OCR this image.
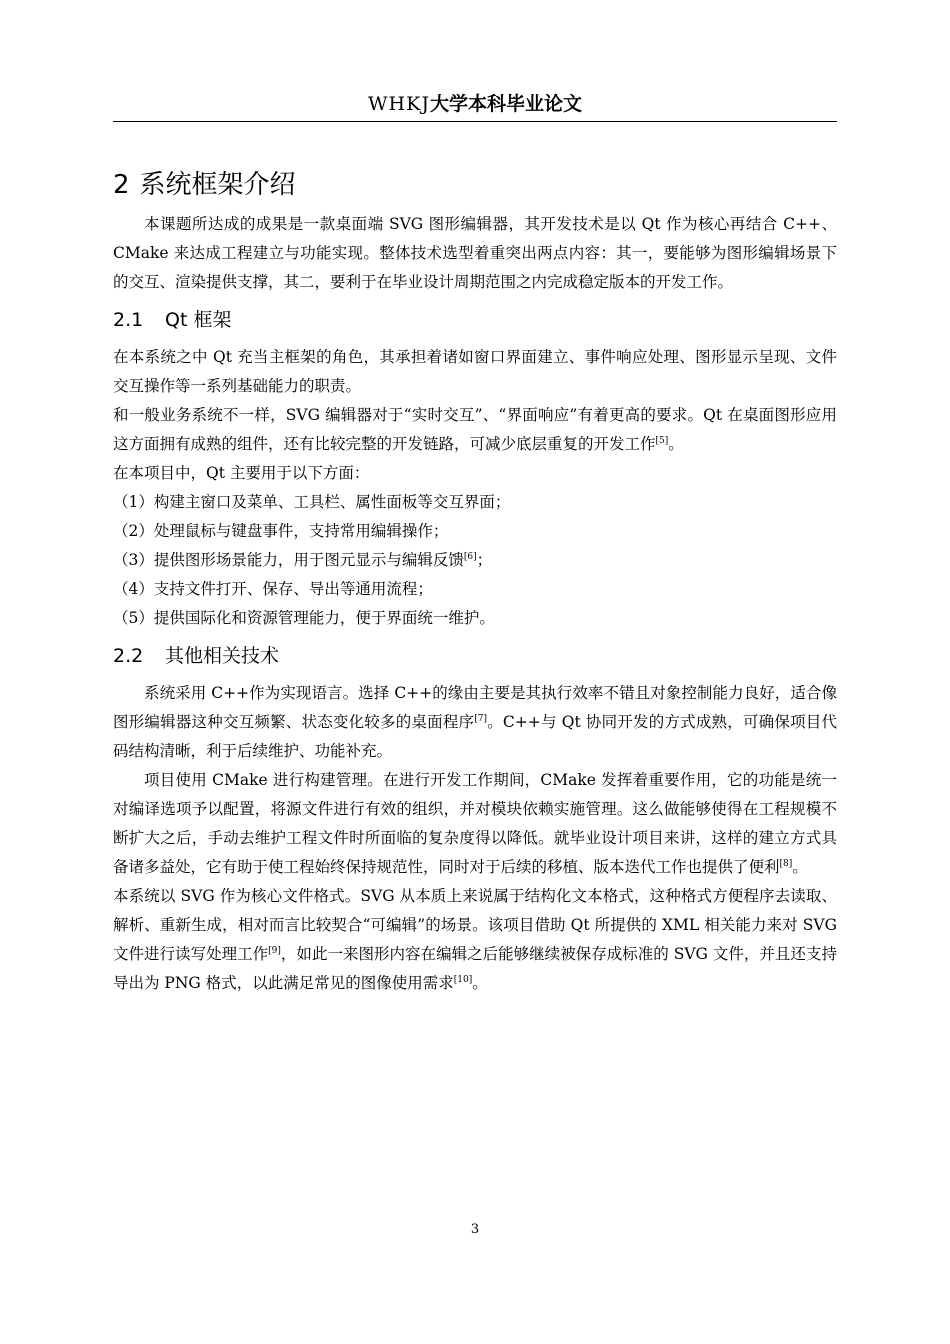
WHKJ大学本科毕业论文
2 系统框架介绍

本课题所达成的成果是一款桌面端 SVG 图形编辑器，其开发技术是以 Qt 作为核心再结合 C++、CMake 来达成工程建立与功能实现。整体技术选型着重突出两点内容：其一，要能够为图形编辑场景下的交互、渲染提供支撑，其二，要利于在毕业设计周期范围之内完成稳定版本的开发工作。

2.1 Qt 框架

在本系统之中 Qt 充当主框架的角色，其承担着诸如窗口界面建立、事件响应处理、图形显示呈现、文件交互操作等一系列基础能力的职责。

和一般业务系统不一样，SVG 编辑器对于“实时交互”、“界面响应”有着更高的要求。Qt 在桌面图形应用这方面拥有成熟的组件，还有比较完整的开发链路，可减少底层重复的开发工作[5]。

在本项目中，Qt 主要用于以下方面：

（1）构建主窗口及菜单、工具栏、属性面板等交互界面；

（2）处理鼠标与键盘事件，支持常用编辑操作；

（3）提供图形场景能力，用于图元显示与编辑反馈[6]；

（4）支持文件打开、保存、导出等通用流程；

（5）提供国际化和资源管理能力，便于界面统一维护。

2.2 其他相关技术

系统采用 C++作为实现语言。选择 C++的缘由主要是其执行效率不错且对象控制能力良好，适合像图形编辑器这种交互频繁、状态变化较多的桌面程序[7]。C++与 Qt 协同开发的方式成熟，可确保项目代码结构清晰，利于后续维护、功能补充。

项目使用 CMake 进行构建管理。在进行开发工作期间，CMake 发挥着重要作用，它的功能是统一对编译选项予以配置，将源文件进行有效的组织，并对模块依赖实施管理。这么做能够使得在工程规模不断扩大之后，手动去维护工程文件时所面临的复杂度得以降低。就毕业设计项目来讲，这样的建立方式具备诸多益处，它有助于使工程始终保持规范性，同时对于后续的移植、版本迭代工作也提供了便利[8]。

本系统以 SVG 作为核心文件格式。SVG 从本质上来说属于结构化文本格式，这种格式方便程序去读取、解析、重新生成，相对而言比较契合“可编辑”的场景。该项目借助 Qt 所提供的 XML 相关能力来对 SVG 文件进行读写处理工作[9]，如此一来图形内容在编辑之后能够继续被保存成标准的 SVG 文件，并且还支持导出为 PNG 格式，以此满足常见的图像使用需求[10]。

3
